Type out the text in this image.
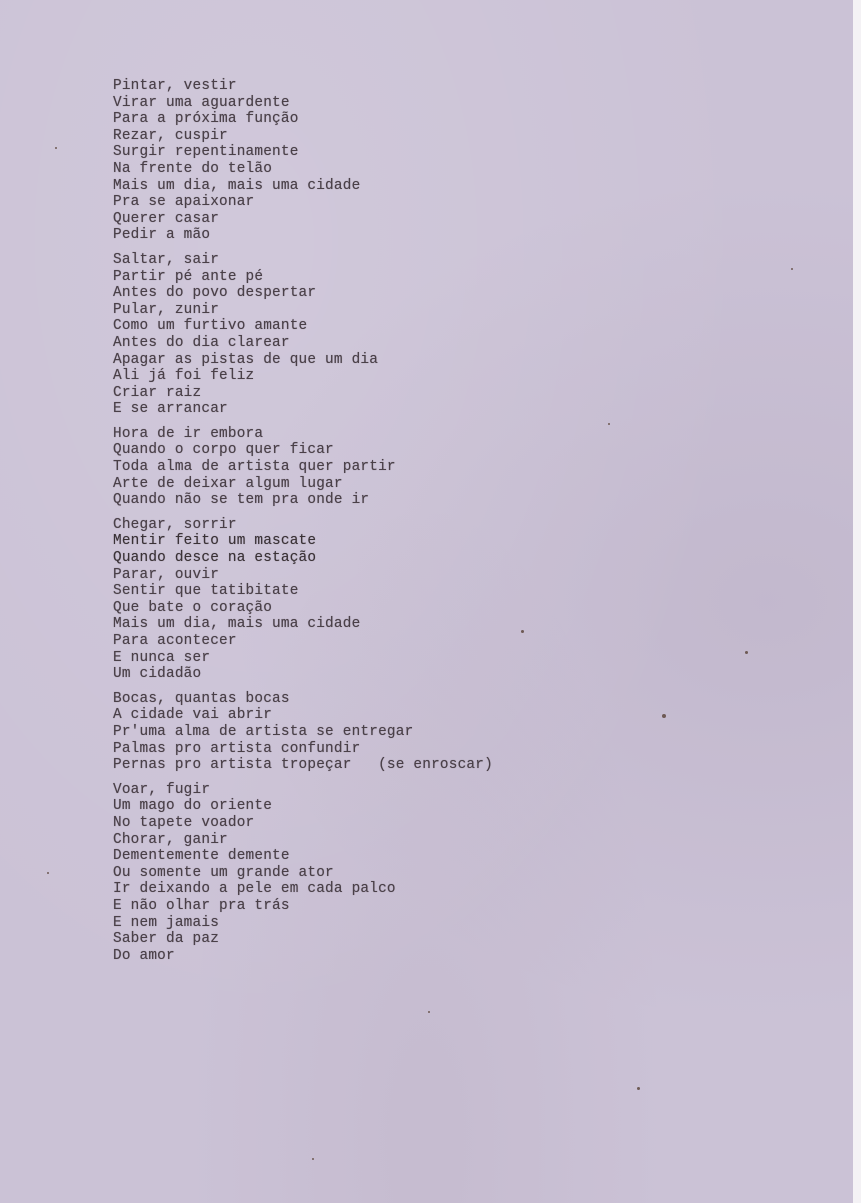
Pintar, vestir
Virar uma aguardente
Para a próxima função
Rezar, cuspir
Surgir repentinamente
Na frente do telão
Mais um dia, mais uma cidade
Pra se apaixonar
Querer casar
Pedir a mão
Saltar, sair
Partir pé ante pé
Antes do povo despertar
Pular, zunir
Como um furtivo amante
Antes do dia clarear
Apagar as pistas de que um dia
Ali já foi feliz
Criar raiz
E se arrancar
Hora de ir embora
Quando o corpo quer ficar
Toda alma de artista quer partir
Arte de deixar algum lugar
Quando não se tem pra onde ir
Chegar, sorrir
Mentir feito um mascate
Quando desce na estação
Parar, ouvir
Sentir que tatibitate
Que bate o coração
Mais um dia, mais uma cidade
Para acontecer
E nunca ser
Um cidadão
Bocas, quantas bocas
A cidade vai abrir
Pr'uma alma de artista se entregar
Palmas pro artista confundir
Pernas pro artista tropeçar   (se enroscar)
Voar, fugir
Um mago do oriente
No tapete voador
Chorar, ganir
Dementemente demente
Ou somente um grande ator
Ir deixando a pele em cada palco
E não olhar pra trás
E nem jamais
Saber da paz
Do amor
